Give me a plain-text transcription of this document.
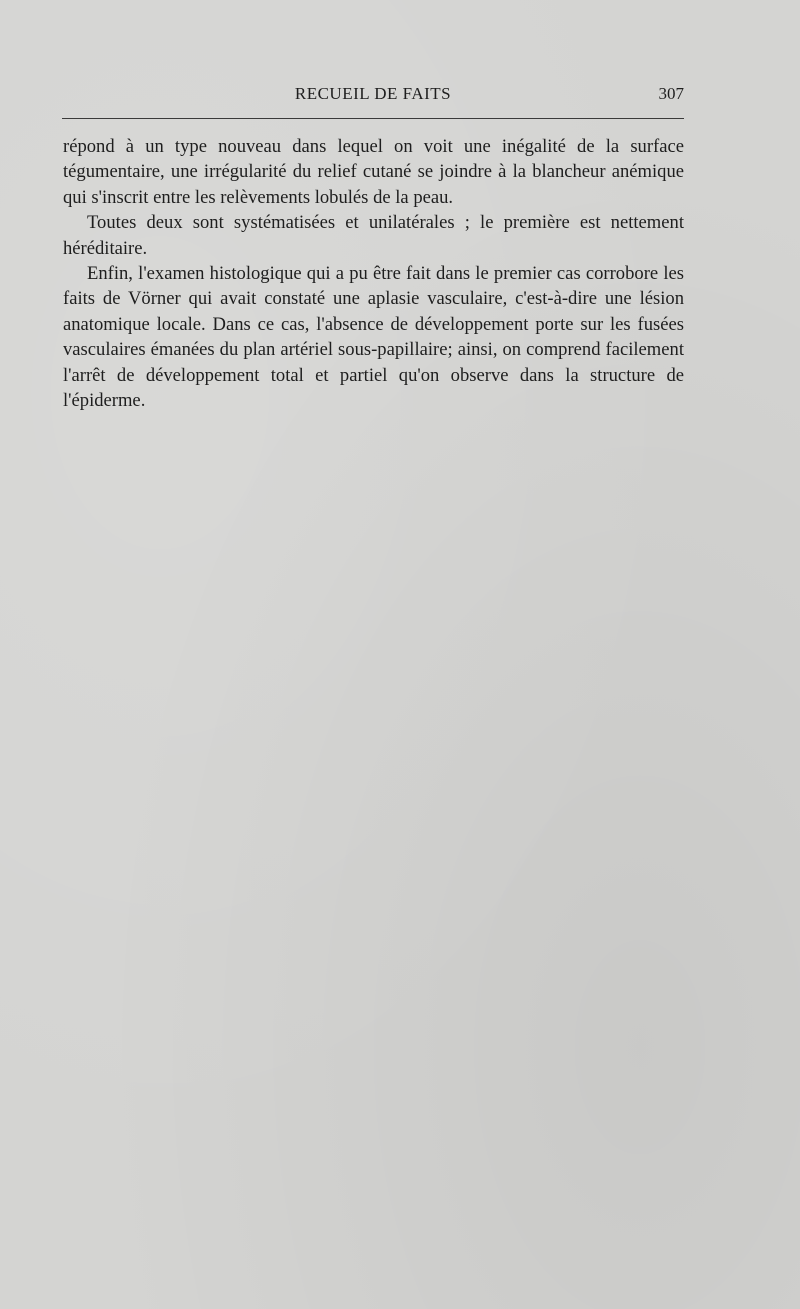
RECUEIL DE FAITS	307

répond à un type nouveau dans lequel on voit une inégalité de la surface tégumentaire, une irrégularité du relief cutané se joindre à la blancheur anémique qui s'inscrit entre les relèvements lobulés de la peau.

Toutes deux sont systématisées et unilatérales ; le première est nettement héréditaire.

Enfin, l'examen histologique qui a pu être fait dans le premier cas corrobore les faits de Vörner qui avait constaté une aplasie vasculaire, c'est-à-dire une lésion anatomique locale. Dans ce cas, l'absence de développement porte sur les fusées vasculaires émanées du plan artériel sous-papillaire; ainsi, on comprend facilement l'arrêt de développement total et partiel qu'on observe dans la structure de l'épiderme.
